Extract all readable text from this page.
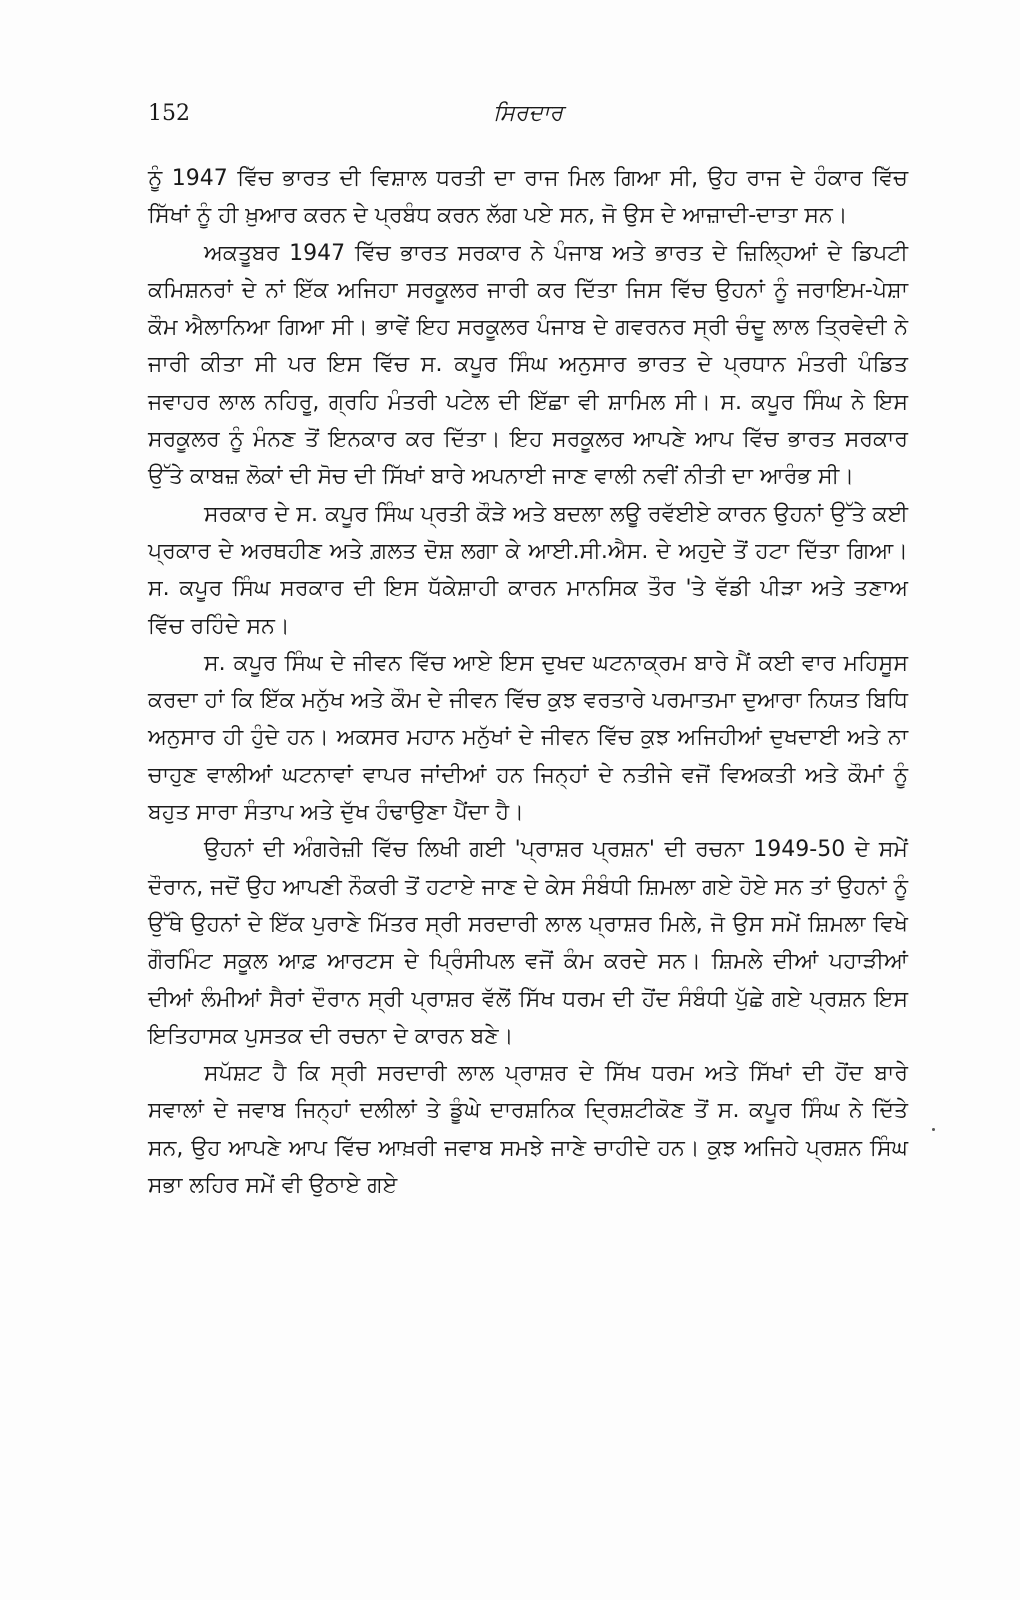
152	ਸਿਰਦਾਰ

ਨੂੰ 1947 ਵਿੱਚ ਭਾਰਤ ਦੀ ਵਿਸ਼ਾਲ ਧਰਤੀ ਦਾ ਰਾਜ ਮਿਲ ਗਿਆ ਸੀ, ਉਹ ਰਾਜ ਦੇ ਹੰਕਾਰ ਵਿੱਚ ਸਿੱਖਾਂ ਨੂੰ ਹੀ ਖ਼ੁਆਰ ਕਰਨ ਦੇ ਪ੍ਰਬੰਧ ਕਰਨ ਲੱਗ ਪਏ ਸਨ, ਜੋ ਉਸ ਦੇ ਆਜ਼ਾਦੀ-ਦਾਤਾ ਸਨ।

ਅਕਤੂਬਰ 1947 ਵਿੱਚ ਭਾਰਤ ਸਰਕਾਰ ਨੇ ਪੰਜਾਬ ਅਤੇ ਭਾਰਤ ਦੇ ਜ਼ਿਲ੍ਹਿਆਂ ਦੇ ਡਿਪਟੀ ਕਮਿਸ਼ਨਰਾਂ ਦੇ ਨਾਂ ਇੱਕ ਅਜਿਹਾ ਸਰਕੂਲਰ ਜਾਰੀ ਕਰ ਦਿੱਤਾ ਜਿਸ ਵਿੱਚ ਉਹਨਾਂ ਨੂੰ ਜਰਾਇਮ-ਪੇਸ਼ਾ ਕੌਮ ਐਲਾਨਿਆ ਗਿਆ ਸੀ। ਭਾਵੇਂ ਇਹ ਸਰਕੂਲਰ ਪੰਜਾਬ ਦੇ ਗਵਰਨਰ ਸ੍ਰੀ ਚੰਦੂ ਲਾਲ ਤ੍ਰਿਵੇਦੀ ਨੇ ਜਾਰੀ ਕੀਤਾ ਸੀ ਪਰ ਇਸ ਵਿੱਚ ਸ. ਕਪੂਰ ਸਿੰਘ ਅਨੁਸਾਰ ਭਾਰਤ ਦੇ ਪ੍ਰਧਾਨ ਮੰਤਰੀ ਪੰਡਿਤ ਜਵਾਹਰ ਲਾਲ ਨਹਿਰੂ, ਗ੍ਰਹਿ ਮੰਤਰੀ ਪਟੇਲ ਦੀ ਇੱਛਾ ਵੀ ਸ਼ਾਮਿਲ ਸੀ। ਸ. ਕਪੂਰ ਸਿੰਘ ਨੇ ਇਸ ਸਰਕੂਲਰ ਨੂੰ ਮੰਨਣ ਤੋਂ ਇਨਕਾਰ ਕਰ ਦਿੱਤਾ। ਇਹ ਸਰਕੂਲਰ ਆਪਣੇ ਆਪ ਵਿੱਚ ਭਾਰਤ ਸਰਕਾਰ ਉੱਤੇ ਕਾਬਜ਼ ਲੋਕਾਂ ਦੀ ਸੋਚ ਦੀ ਸਿੱਖਾਂ ਬਾਰੇ ਅਪਨਾਈ ਜਾਣ ਵਾਲੀ ਨਵੀਂ ਨੀਤੀ ਦਾ ਆਰੰਭ ਸੀ।

ਸਰਕਾਰ ਦੇ ਸ. ਕਪੂਰ ਸਿੰਘ ਪ੍ਰਤੀ ਕੌੜੇ ਅਤੇ ਬਦਲਾ ਲਊ ਰਵੱਈਏ ਕਾਰਨ ਉਹਨਾਂ ਉੱਤੇ ਕਈ ਪ੍ਰਕਾਰ ਦੇ ਅਰਥਹੀਣ ਅਤੇ ਗ਼ਲਤ ਦੋਸ਼ ਲਗਾ ਕੇ ਆਈ.ਸੀ.ਐਸ. ਦੇ ਅਹੁਦੇ ਤੋਂ ਹਟਾ ਦਿੱਤਾ ਗਿਆ। ਸ. ਕਪੂਰ ਸਿੰਘ ਸਰਕਾਰ ਦੀ ਇਸ ਧੱਕੇਸ਼ਾਹੀ ਕਾਰਨ ਮਾਨਸਿਕ ਤੌਰ 'ਤੇ ਵੱਡੀ ਪੀੜਾ ਅਤੇ ਤਣਾਅ ਵਿੱਚ ਰਹਿੰਦੇ ਸਨ।

ਸ. ਕਪੂਰ ਸਿੰਘ ਦੇ ਜੀਵਨ ਵਿੱਚ ਆਏ ਇਸ ਦੁਖਦ ਘਟਨਾਕ੍ਰਮ ਬਾਰੇ ਮੈਂ ਕਈ ਵਾਰ ਮਹਿਸੂਸ ਕਰਦਾ ਹਾਂ ਕਿ ਇੱਕ ਮਨੁੱਖ ਅਤੇ ਕੌਮ ਦੇ ਜੀਵਨ ਵਿੱਚ ਕੁਝ ਵਰਤਾਰੇ ਪਰਮਾਤਮਾ ਦੁਆਰਾ ਨਿਯਤ ਬਿਧਿ ਅਨੁਸਾਰ ਹੀ ਹੁੰਦੇ ਹਨ। ਅਕਸਰ ਮਹਾਨ ਮਨੁੱਖਾਂ ਦੇ ਜੀਵਨ ਵਿੱਚ ਕੁਝ ਅਜਿਹੀਆਂ ਦੁਖਦਾਈ ਅਤੇ ਨਾ ਚਾਹੁਣ ਵਾਲੀਆਂ ਘਟਨਾਵਾਂ ਵਾਪਰ ਜਾਂਦੀਆਂ ਹਨ ਜਿਨ੍ਹਾਂ ਦੇ ਨਤੀਜੇ ਵਜੋਂ ਵਿਅਕਤੀ ਅਤੇ ਕੌਮਾਂ ਨੂੰ ਬਹੁਤ ਸਾਰਾ ਸੰਤਾਪ ਅਤੇ ਦੁੱਖ ਹੰਢਾਉਣਾ ਪੈਂਦਾ ਹੈ।

ਉਹਨਾਂ ਦੀ ਅੰਗਰੇਜ਼ੀ ਵਿੱਚ ਲਿਖੀ ਗਈ 'ਪ੍ਰਾਸ਼ਰ ਪ੍ਰਸ਼ਨ' ਦੀ ਰਚਨਾ 1949-50 ਦੇ ਸਮੇਂ ਦੌਰਾਨ, ਜਦੋਂ ਉਹ ਆਪਣੀ ਨੌਕਰੀ ਤੋਂ ਹਟਾਏ ਜਾਣ ਦੇ ਕੇਸ ਸੰਬੰਧੀ ਸ਼ਿਮਲਾ ਗਏ ਹੋਏ ਸਨ ਤਾਂ ਉਹਨਾਂ ਨੂੰ ਉੱਥੇ ਉਹਨਾਂ ਦੇ ਇੱਕ ਪੁਰਾਣੇ ਮਿੱਤਰ ਸ੍ਰੀ ਸਰਦਾਰੀ ਲਾਲ ਪ੍ਰਾਸ਼ਰ ਮਿਲੇ, ਜੋ ਉਸ ਸਮੇਂ ਸ਼ਿਮਲਾ ਵਿਖੇ ਗੌਰਮਿੰਟ ਸਕੂਲ ਆਫ਼ ਆਰਟਸ ਦੇ ਪ੍ਰਿੰਸੀਪਲ ਵਜੋਂ ਕੰਮ ਕਰਦੇ ਸਨ। ਸ਼ਿਮਲੇ ਦੀਆਂ ਪਹਾੜੀਆਂ ਦੀਆਂ ਲੰਮੀਆਂ ਸੈਰਾਂ ਦੌਰਾਨ ਸ੍ਰੀ ਪ੍ਰਾਸ਼ਰ ਵੱਲੋਂ ਸਿੱਖ ਧਰਮ ਦੀ ਹੋਂਦ ਸੰਬੰਧੀ ਪੁੱਛੇ ਗਏ ਪ੍ਰਸ਼ਨ ਇਸ ਇਤਿਹਾਸਕ ਪੁਸਤਕ ਦੀ ਰਚਨਾ ਦੇ ਕਾਰਨ ਬਣੇ।

ਸਪੱਸ਼ਟ ਹੈ ਕਿ ਸ੍ਰੀ ਸਰਦਾਰੀ ਲਾਲ ਪ੍ਰਾਸ਼ਰ ਦੇ ਸਿੱਖ ਧਰਮ ਅਤੇ ਸਿੱਖਾਂ ਦੀ ਹੋਂਦ ਬਾਰੇ ਸਵਾਲਾਂ ਦੇ ਜਵਾਬ ਜਿਨ੍ਹਾਂ ਦਲੀਲਾਂ ਤੇ ਡੂੰਘੇ ਦਾਰਸ਼ਨਿਕ ਦ੍ਰਿਸ਼ਟੀਕੋਣ ਤੋਂ ਸ. ਕਪੂਰ ਸਿੰਘ ਨੇ ਦਿੱਤੇ ਸਨ, ਉਹ ਆਪਣੇ ਆਪ ਵਿੱਚ ਆਖ਼ਰੀ ਜਵਾਬ ਸਮਝੇ ਜਾਣੇ ਚਾਹੀਦੇ ਹਨ। ਕੁਝ ਅਜਿਹੇ ਪ੍ਰਸ਼ਨ ਸਿੰਘ ਸਭਾ ਲਹਿਰ ਸਮੇਂ ਵੀ ਉਠਾਏ ਗਏ
